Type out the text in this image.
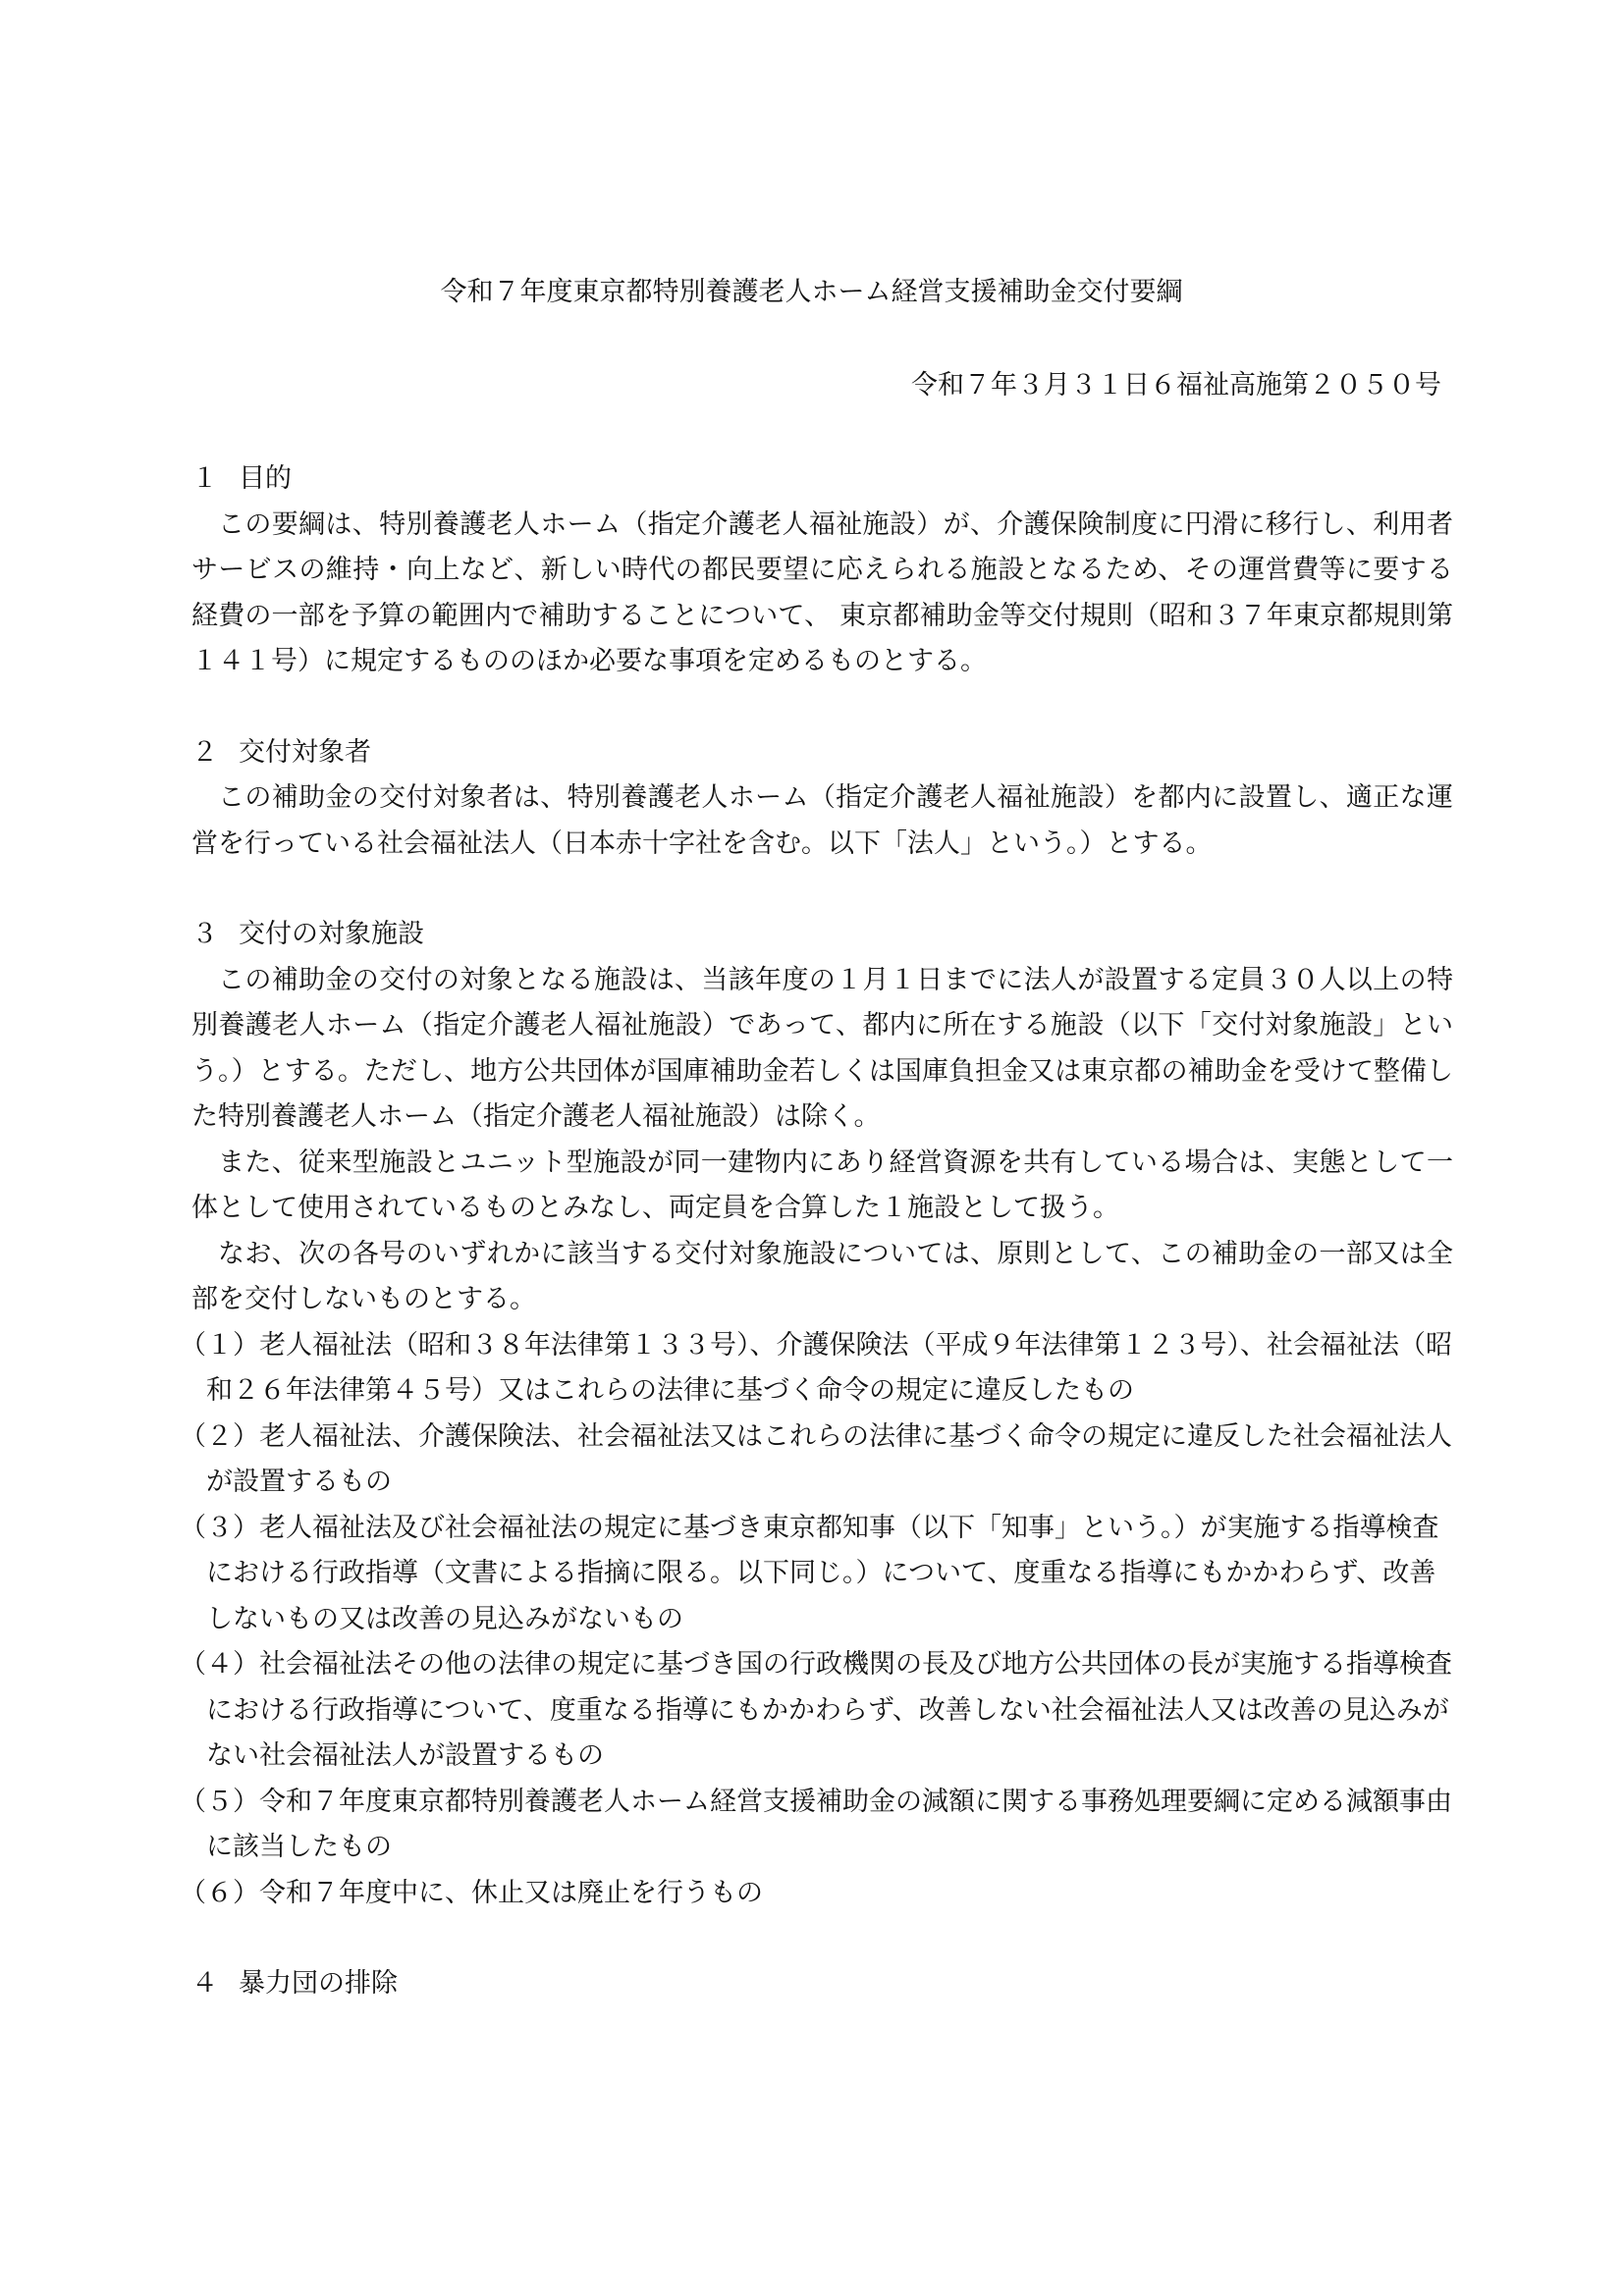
令和７年度東京都特別養護老人ホーム経営支援補助金交付要綱
令和７年３月３１日６福祉高施第２０５０号

１ 目的

この要綱は、特別養護老人ホーム（指定介護老人福祉施設）が、介護保険制度に円滑に移行し、利用者サービスの維持・向上など、新しい時代の都民要望に応えられる施設となるため、その運営費等に要する経費の一部を予算の範囲内で補助することについて、 東京都補助金等交付規則（昭和３７年東京都規則第１４１号）に規定するもののほか必要な事項を定めるものとする。

２ 交付対象者

この補助金の交付対象者は、特別養護老人ホーム（指定介護老人福祉施設）を都内に設置し、適正な運営を行っている社会福祉法人（日本赤十字社を含む。以下「法人」という。）とする。

３ 交付の対象施設

この補助金の交付の対象となる施設は、当該年度の１月１日までに法人が設置する定員３０人以上の特別養護老人ホーム（指定介護老人福祉施設）であって、都内に所在する施設（以下「交付対象施設」という。）とする。ただし、地方公共団体が国庫補助金若しくは国庫負担金又は東京都の補助金を受けて整備した特別養護老人ホーム（指定介護老人福祉施設）は除く。

また、従来型施設とユニット型施設が同一建物内にあり経営資源を共有している場合は、実態として一体として使用されているものとみなし、両定員を合算した１施設として扱う。

なお、次の各号のいずれかに該当する交付対象施設については、原則として、この補助金の一部又は全部を交付しないものとする。

（１）老人福祉法（昭和３８年法律第１３３号）、介護保険法（平成９年法律第１２３号）、社会福祉法（昭和２６年法律第４５号）又はこれらの法律に基づく命令の規定に違反したもの

（２）老人福祉法、介護保険法、社会福祉法又はこれらの法律に基づく命令の規定に違反した社会福祉法人が設置するもの

（３）老人福祉法及び社会福祉法の規定に基づき東京都知事（以下「知事」という。）が実施する指導検査における行政指導（文書による指摘に限る。以下同じ。）について、度重なる指導にもかかわらず、改善しないもの又は改善の見込みがないもの

（４）社会福祉法その他の法律の規定に基づき国の行政機関の長及び地方公共団体の長が実施する指導検査における行政指導について、度重なる指導にもかかわらず、改善しない社会福祉法人又は改善の見込みがない社会福祉法人が設置するもの

（５）令和７年度東京都特別養護老人ホーム経営支援補助金の減額に関する事務処理要綱に定める減額事由に該当したもの

（６）令和７年度中に、休止又は廃止を行うもの

４ 暴力団の排除
